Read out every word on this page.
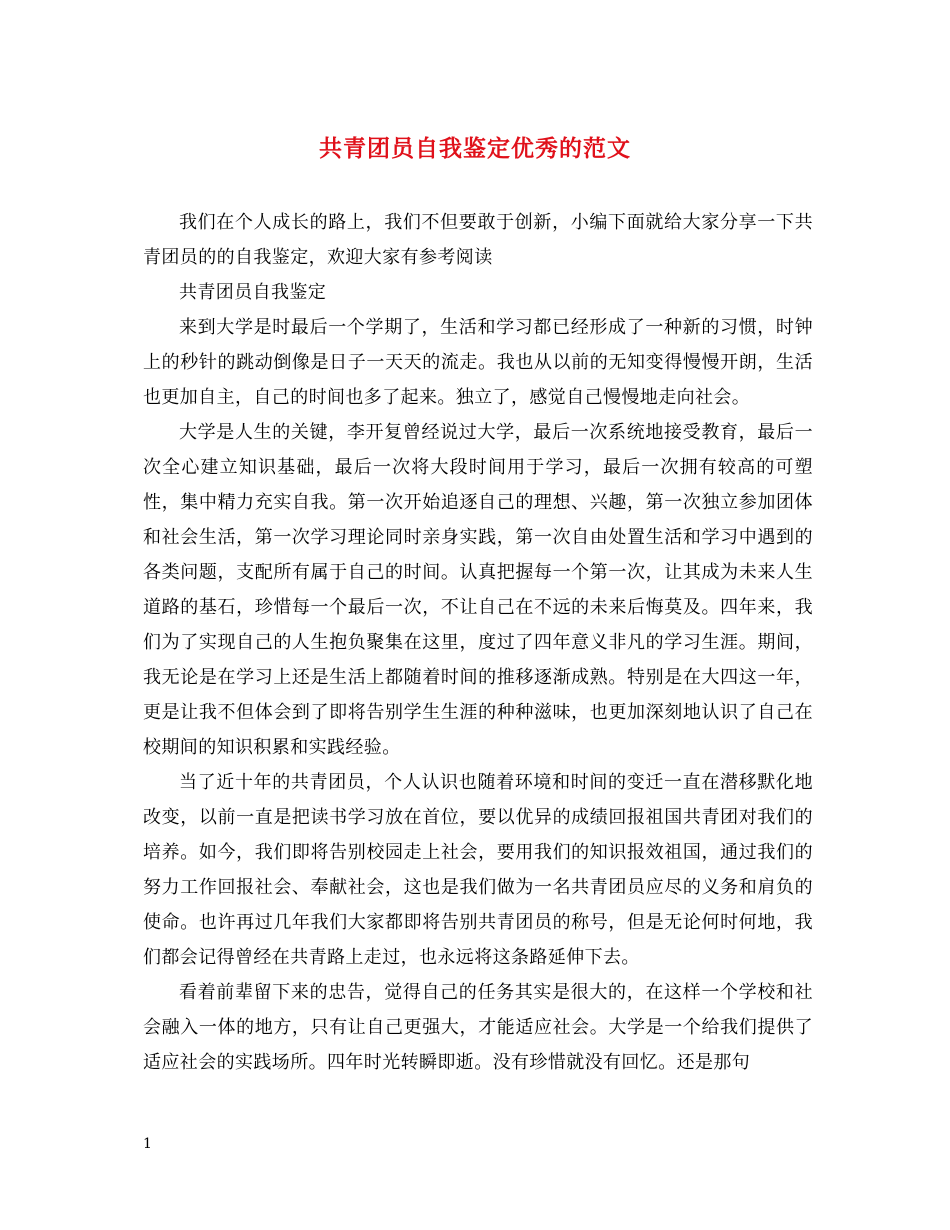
共青团员自我鉴定优秀的范文

我们在个人成长的路上，我们不但要敢于创新，小编下面就给大家分享一下共青团员的的自我鉴定，欢迎大家有参考阅读

共青团员自我鉴定

来到大学是时最后一个学期了，生活和学习都已经形成了一种新的习惯，时钟上的秒针的跳动倒像是日子一天天的流走。我也从以前的无知变得慢慢开朗，生活也更加自主，自己的时间也多了起来。独立了，感觉自己慢慢地走向社会。

大学是人生的关键，李开复曾经说过大学，最后一次系统地接受教育，最后一次全心建立知识基础，最后一次将大段时间用于学习，最后一次拥有较高的可塑性，集中精力充实自我。第一次开始追逐自己的理想、兴趣，第一次独立参加团体和社会生活，第一次学习理论同时亲身实践，第一次自由处置生活和学习中遇到的各类问题，支配所有属于自己的时间。认真把握每一个第一次，让其成为未来人生道路的基石，珍惜每一个最后一次，不让自己在不远的未来后悔莫及。四年来，我们为了实现自己的人生抱负聚集在这里，度过了四年意义非凡的学习生涯。期间，我无论是在学习上还是生活上都随着时间的推移逐渐成熟。特别是在大四这一年，更是让我不但体会到了即将告别学生生涯的种种滋味，也更加深刻地认识了自己在校期间的知识积累和实践经验。

当了近十年的共青团员，个人认识也随着环境和时间的变迁一直在潜移默化地改变，以前一直是把读书学习放在首位，要以优异的成绩回报祖国共青团对我们的培养。如今，我们即将告别校园走上社会，要用我们的知识报效祖国，通过我们的努力工作回报社会、奉献社会，这也是我们做为一名共青团员应尽的义务和肩负的使命。也许再过几年我们大家都即将告别共青团员的称号，但是无论何时何地，我们都会记得曾经在共青路上走过，也永远将这条路延伸下去。

看着前辈留下来的忠告，觉得自己的任务其实是很大的，在这样一个学校和社会融入一体的地方，只有让自己更强大，才能适应社会。大学是一个给我们提供了适应社会的实践场所。四年时光转瞬即逝。没有珍惜就没有回忆。还是那句

1
